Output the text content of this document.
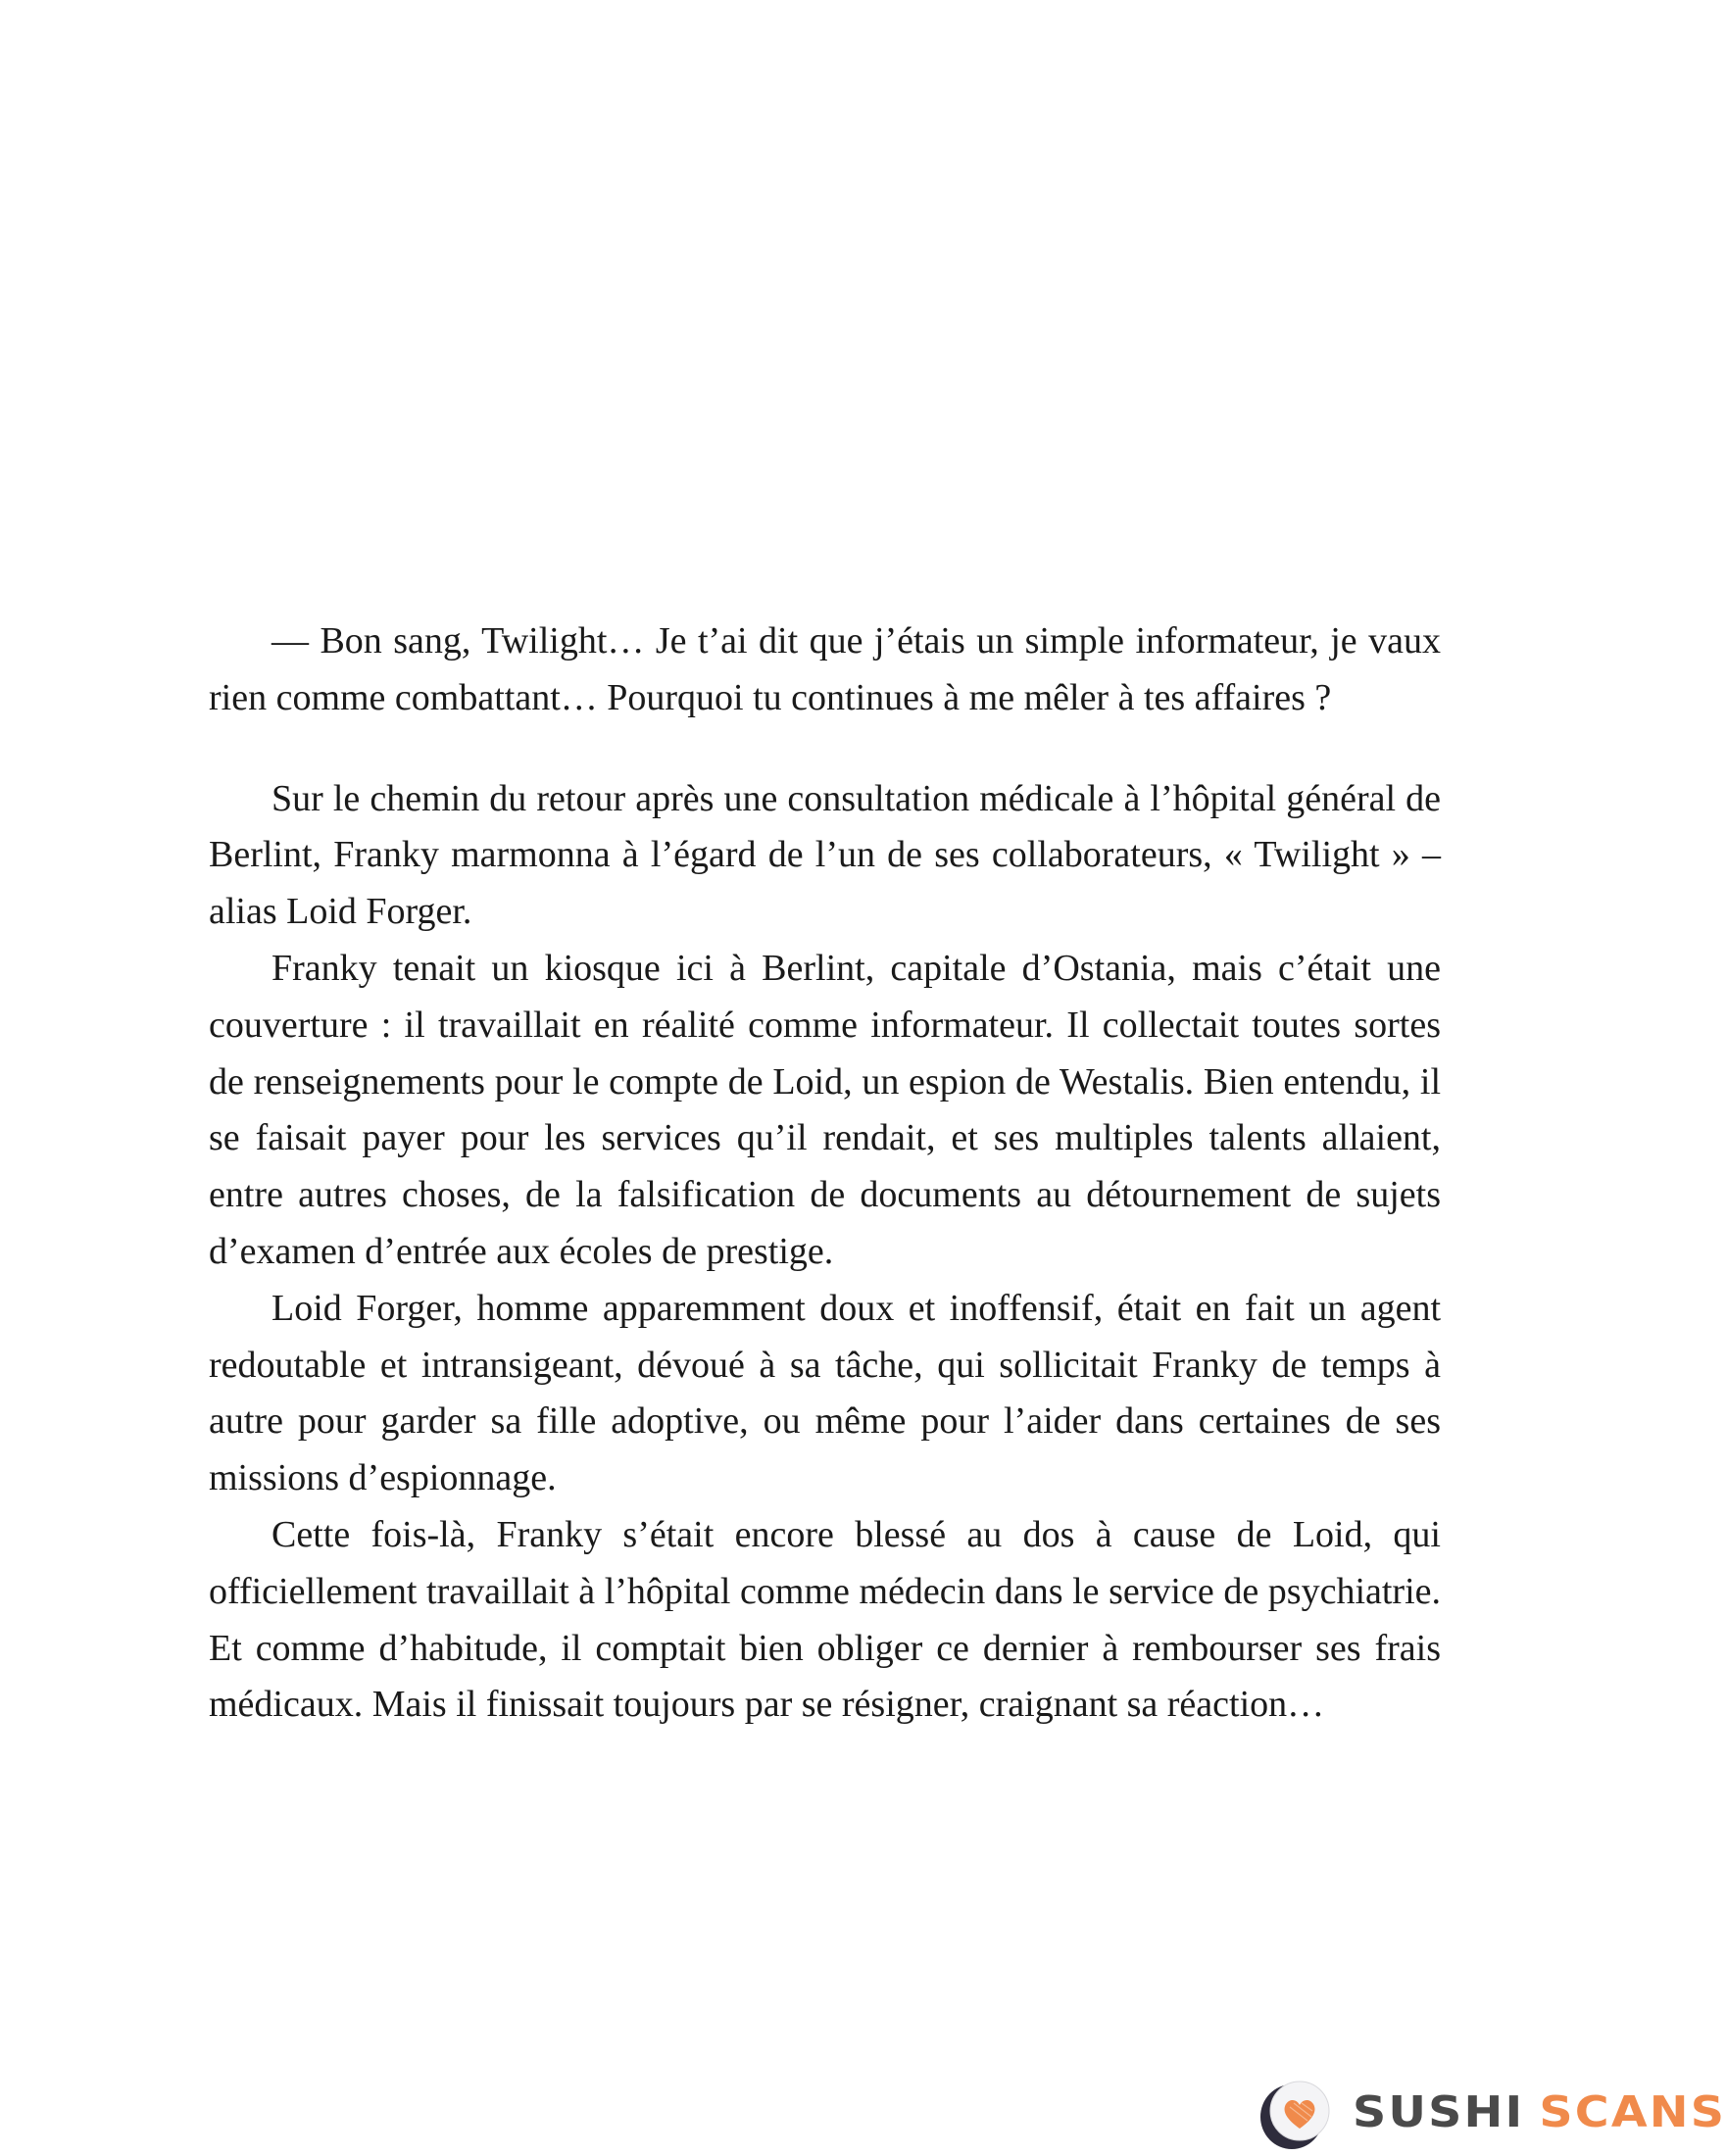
— Bon sang, Twilight… Je t’ai dit que j’étais un simple informateur, je vaux rien comme combattant… Pourquoi tu continues à me mêler à tes affaires ?

Sur le chemin du retour après une consultation médicale à l’hôpital général de Berlint, Franky marmonna à l’égard de l’un de ses collaborateurs, « Twilight » – alias Loid Forger.

Franky tenait un kiosque ici à Berlint, capitale d’Ostania, mais c’était une couverture : il travaillait en réalité comme informateur. Il collectait toutes sortes de renseignements pour le compte de Loid, un espion de Westalis. Bien entendu, il se faisait payer pour les services qu’il rendait, et ses multiples talents allaient, entre autres choses, de la falsification de documents au détournement de sujets d’examen d’entrée aux écoles de prestige.

Loid Forger, homme apparemment doux et inoffensif, était en fait un agent redoutable et intransigeant, dévoué à sa tâche, qui sollicitait Franky de temps à autre pour garder sa fille adoptive, ou même pour l’aider dans certaines de ses missions d’espionnage.

Cette fois-là, Franky s’était encore blessé au dos à cause de Loid, qui officiellement travaillait à l’hôpital comme médecin dans le service de psychiatrie. Et comme d’habitude, il comptait bien obliger ce dernier à rembourser ses frais médicaux. Mais il finissait toujours par se résigner, craignant sa réaction…

SUSHI SCANS
